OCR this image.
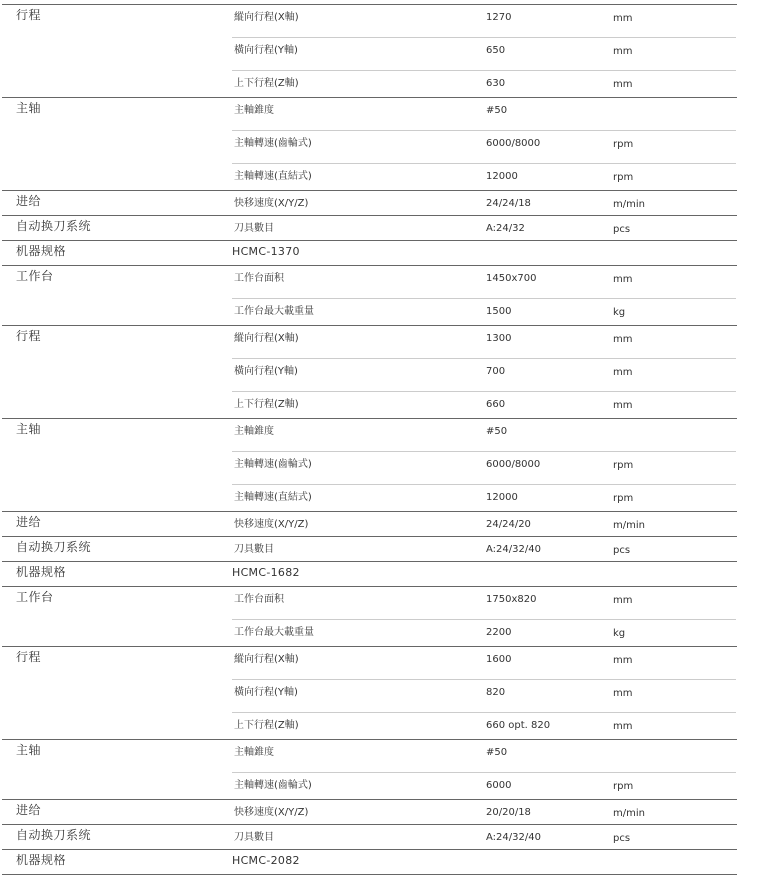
行程	縱向行程(X軸)	1270	mm
橫向行程(Y軸)	650	mm
上下行程(Z軸)	630	mm
主轴	主軸錐度	#50
主軸轉速(齒輪式)	6000/8000	rpm
主軸轉速(直結式)	12000	rpm
进给	快移速度(X/Y/Z)	24/24/18	m/min
自动换刀系统	刀具數目	A:24/32	pcs
机器规格	HCMC-1370
工作台	工作台面积	1450x700	mm
工作台最大載重量	1500	kg
行程	縱向行程(X軸)	1300	mm
橫向行程(Y軸)	700	mm
上下行程(Z軸)	660	mm
主轴	主軸錐度	#50
主軸轉速(齒輪式)	6000/8000	rpm
主軸轉速(直結式)	12000	rpm
进给	快移速度(X/Y/Z)	24/24/20	m/min
自动换刀系统	刀具數目	A:24/32/40	pcs
机器规格	HCMC-1682
工作台	工作台面积	1750x820	mm
工作台最大載重量	2200	kg
行程	縱向行程(X軸)	1600	mm
橫向行程(Y軸)	820	mm
上下行程(Z軸)	660 opt. 820	mm
主轴	主軸錐度	#50
主軸轉速(齒輪式)	6000	rpm
进给	快移速度(X/Y/Z)	20/20/18	m/min
自动换刀系统	刀具數目	A:24/32/40	pcs
机器规格	HCMC-2082
